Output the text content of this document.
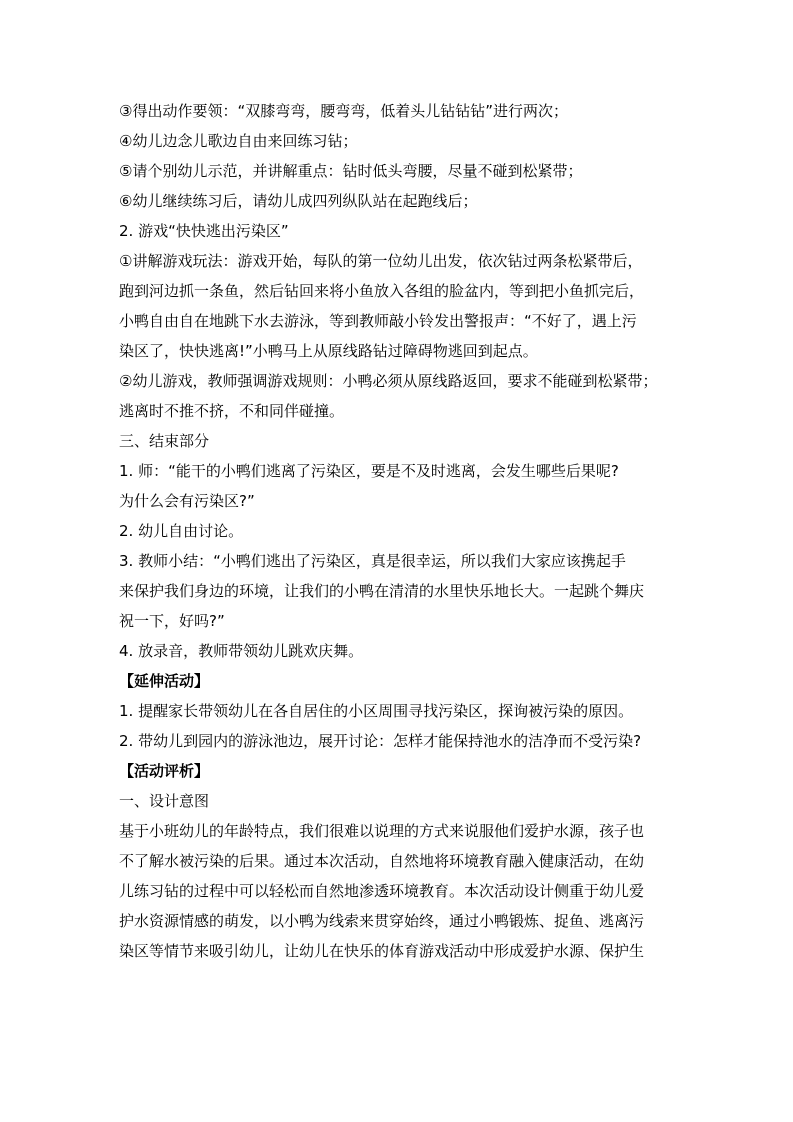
③得出动作要领：“双膝弯弯，腰弯弯，低着头儿钻钻钻”进行两次；
④幼儿边念儿歌边自由来回练习钻；
⑤请个别幼儿示范，并讲解重点：钻时低头弯腰，尽量不碰到松紧带；
⑥幼儿继续练习后，请幼儿成四列纵队站在起跑线后；
2. 游戏“快快逃出污染区”
①讲解游戏玩法：游戏开始，每队的第一位幼儿出发，依次钻过两条松紧带后，
跑到河边抓一条鱼，然后钻回来将小鱼放入各组的脸盆内，等到把小鱼抓完后，
小鸭自由自在地跳下水去游泳，等到教师敲小铃发出警报声：“不好了，遇上污
染区了，快快逃离!”小鸭马上从原线路钻过障碍物逃回到起点。
②幼儿游戏，教师强调游戏规则：小鸭必须从原线路返回，要求不能碰到松紧带；
逃离时不推不挤，不和同伴碰撞。
三、结束部分
1. 师：“能干的小鸭们逃离了污染区，要是不及时逃离，会发生哪些后果呢?
为什么会有污染区?”
2. 幼儿自由讨论。
3. 教师小结：“小鸭们逃出了污染区，真是很幸运，所以我们大家应该携起手
来保护我们身边的环境，让我们的小鸭在清清的水里快乐地长大。一起跳个舞庆
祝一下，好吗?”
4. 放录音，教师带领幼儿跳欢庆舞。
【延伸活动】
1. 提醒家长带领幼儿在各自居住的小区周围寻找污染区，探询被污染的原因。
2. 带幼儿到园内的游泳池边，展开讨论：怎样才能保持池水的洁净而不受污染?
【活动评析】
一、设计意图
基于小班幼儿的年龄特点，我们很难以说理的方式来说服他们爱护水源，孩子也
不了解水被污染的后果。通过本次活动，自然地将环境教育融入健康活动，在幼
儿练习钻的过程中可以轻松而自然地渗透环境教育。本次活动设计侧重于幼儿爱
护水资源情感的萌发，以小鸭为线索来贯穿始终，通过小鸭锻炼、捉鱼、逃离污
染区等情节来吸引幼儿，让幼儿在快乐的体育游戏活动中形成爱护水源、保护生
